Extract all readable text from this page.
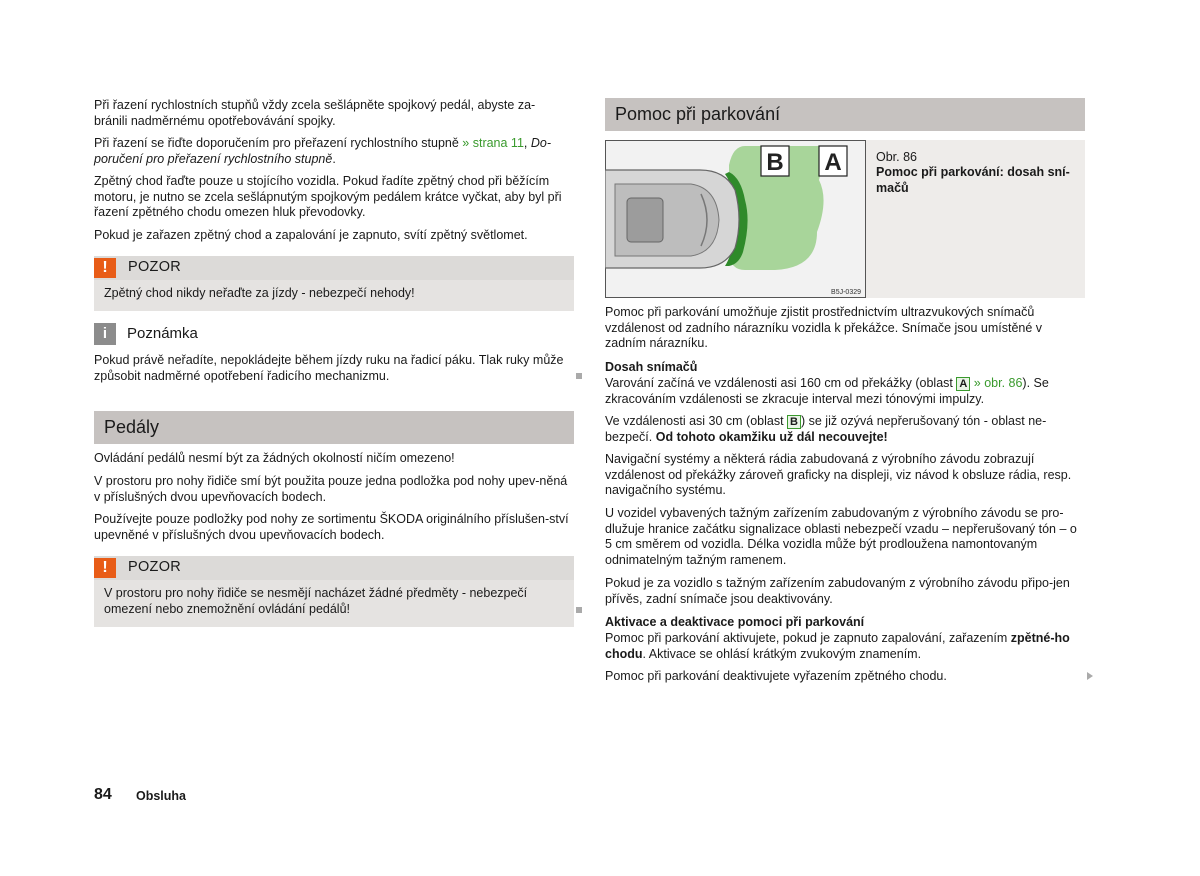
Při řazení rychlostních stupňů vždy zcela sešlápněte spojkový pedál, abyste za-bránili nadměrnému opotřebovávání spojky.

Při řazení se řiďte doporučením pro přeřazení rychlostního stupně » strana 11, Do-poručení pro přeřazení rychlostního stupně.

Zpětný chod řaďte pouze u stojícího vozidla. Pokud řadíte zpětný chod při běžícím motoru, je nutno se zcela sešlápnutým spojkovým pedálem krátce vyčkat, aby byl při řazení zpětného chodu omezen hluk převodovky.

Pokud je zařazen zpětný chod a zapalování je zapnuto, svítí zpětný světlomet.

!	POZOR
Zpětný chod nikdy neřaďte za jízdy - nebezpečí nehody!
i	Poznámka

Pokud právě neřadíte, nepokládejte během jízdy ruku na řadicí páku. Tlak ruky může způsobit nadměrné opotřebení řadicího mechanizmu.

Pedály

Ovládání pedálů nesmí být za žádných okolností ničím omezeno!

V prostoru pro nohy řidiče smí být použita pouze jedna podložka pod nohy upev-něná v příslušných dvou upevňovacích bodech.

Používejte pouze podložky pod nohy ze sortimentu ŠKODA originálního příslušen-ství upevněné v příslušných dvou upevňovacích bodech.

!	POZOR
V prostoru pro nohy řidiče se nesmějí nacházet žádné předměty - nebezpečí omezení nebo znemožnění ovládání pedálů!
Pomoc při parkování
B A
B5J-0329
Obr. 86
Pomoc při parkování: dosah sní-mačů

Pomoc při parkování umožňuje zjistit prostřednictvím ultrazvukových snímačů vzdálenost od zadního nárazníku vozidla k překážce. Snímače jsou umístěné v zadním nárazníku.

Dosah snímačů

Varování začíná ve vzdálenosti asi 160 cm od překážky (oblast A » obr. 86). Se zkracováním vzdálenosti se zkracuje interval mezi tónovými impulzy.

Ve vzdálenosti asi 30 cm (oblast B ) se již ozývá nepřerušovaný tón - oblast ne-bezpečí. Od tohoto okamžiku už dál necouvejte!

Navigační systémy a některá rádia zabudovaná z výrobního závodu zobrazují vzdálenost od překážky zároveň graficky na displeji, viz návod k obsluze rádia, resp. navigačního systému.

U vozidel vybavených tažným zařízením zabudovaným z výrobního závodu se pro-dlužuje hranice začátku signalizace oblasti nebezpečí vzadu – nepřerušovaný tón – o 5 cm směrem od vozidla. Délka vozidla může být prodloužena namontovaným odnimatelným tažným ramenem.

Pokud je za vozidlo s tažným zařízením zabudovaným z výrobního závodu připo-jen přívěs, zadní snímače jsou deaktivovány.

Aktivace a deaktivace pomoci při parkování

Pomoc při parkování aktivujete, pokud je zapnuto zapalování, zařazením zpětné-ho chodu. Aktivace se ohlásí krátkým zvukovým znamením.

Pomoc při parkování deaktivujete vyřazením zpětného chodu.

84 Obsluha
